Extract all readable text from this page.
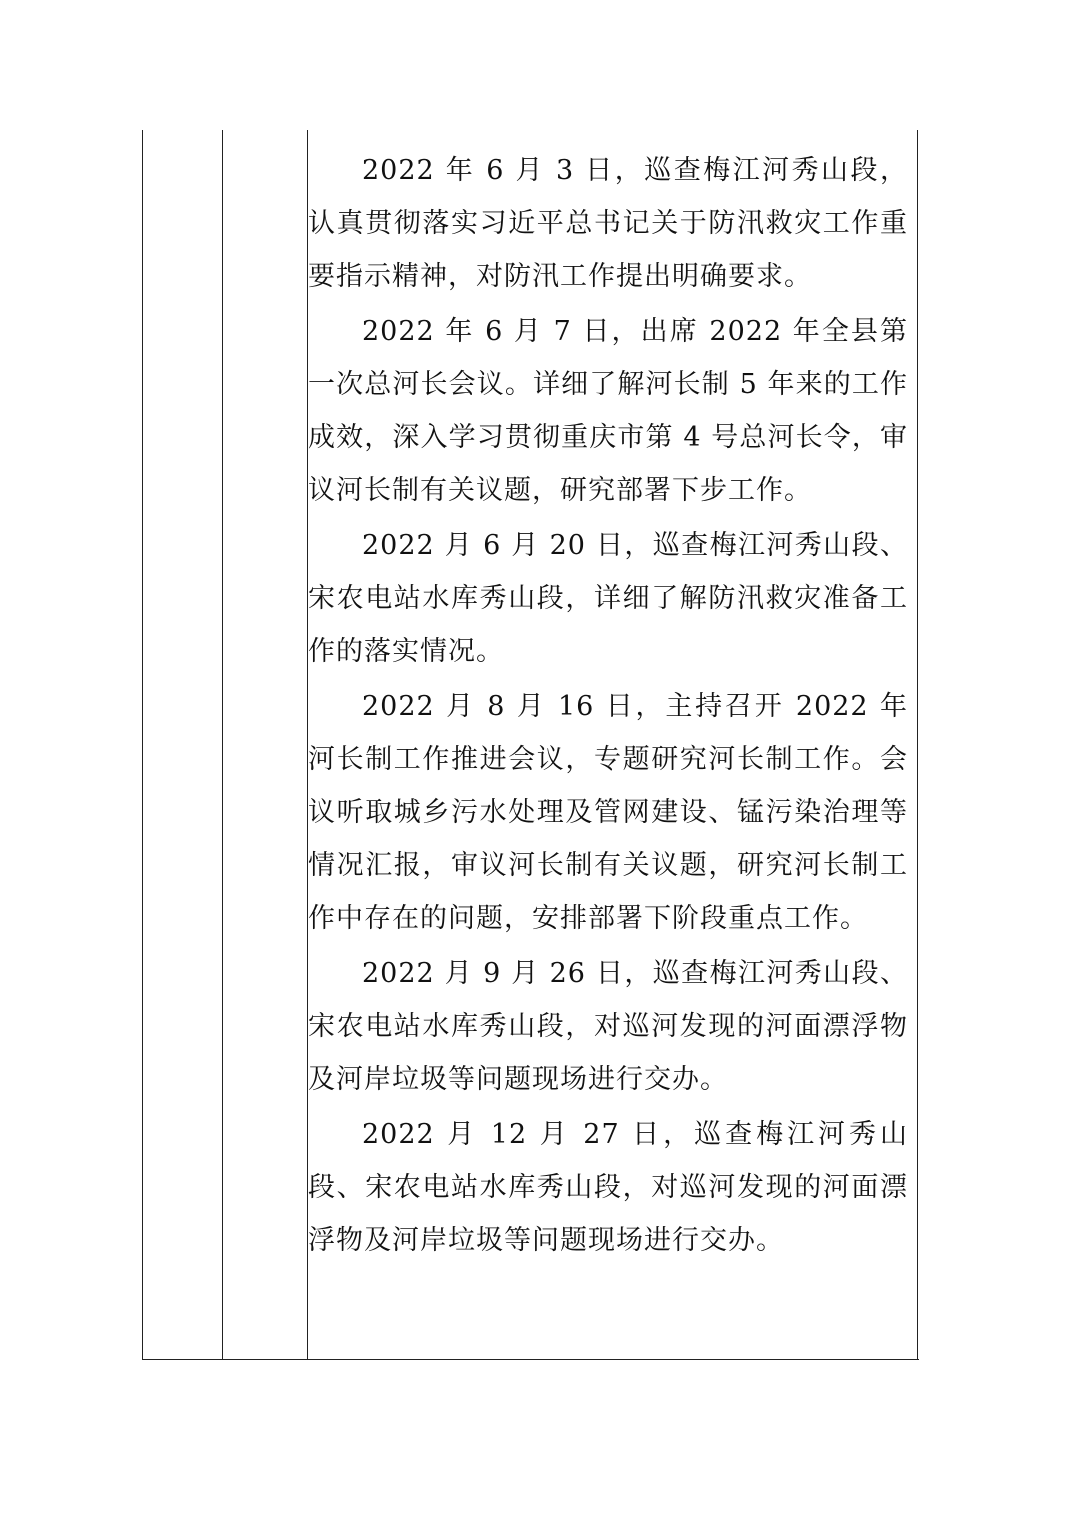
2022 年 6 月 3 日，巡查梅江河秀山段，认真贯彻落实习近平总书记关于防汛救灾工作重要指示精神，对防汛工作提出明确要求。

2022 年 6 月 7 日，出席 2022 年全县第一次总河长会议。详细了解河长制 5 年来的工作成效，深入学习贯彻重庆市第 4 号总河长令，审议河长制有关议题，研究部署下步工作。

2022 月 6 月 20 日，巡查梅江河秀山段、宋农电站水库秀山段，详细了解防汛救灾准备工作的落实情况。

2022 月 8 月 16 日，主持召开 2022 年河长制工作推进会议，专题研究河长制工作。会议听取城乡污水处理及管网建设、锰污染治理等情况汇报，审议河长制有关议题，研究河长制工作中存在的问题，安排部署下阶段重点工作。

2022 月 9 月 26 日，巡查梅江河秀山段、宋农电站水库秀山段，对巡河发现的河面漂浮物及河岸垃圾等问题现场进行交办。

2022 月 12 月 27 日，巡查梅江河秀山段、宋农电站水库秀山段，对巡河发现的河面漂浮物及河岸垃圾等问题现场进行交办。
